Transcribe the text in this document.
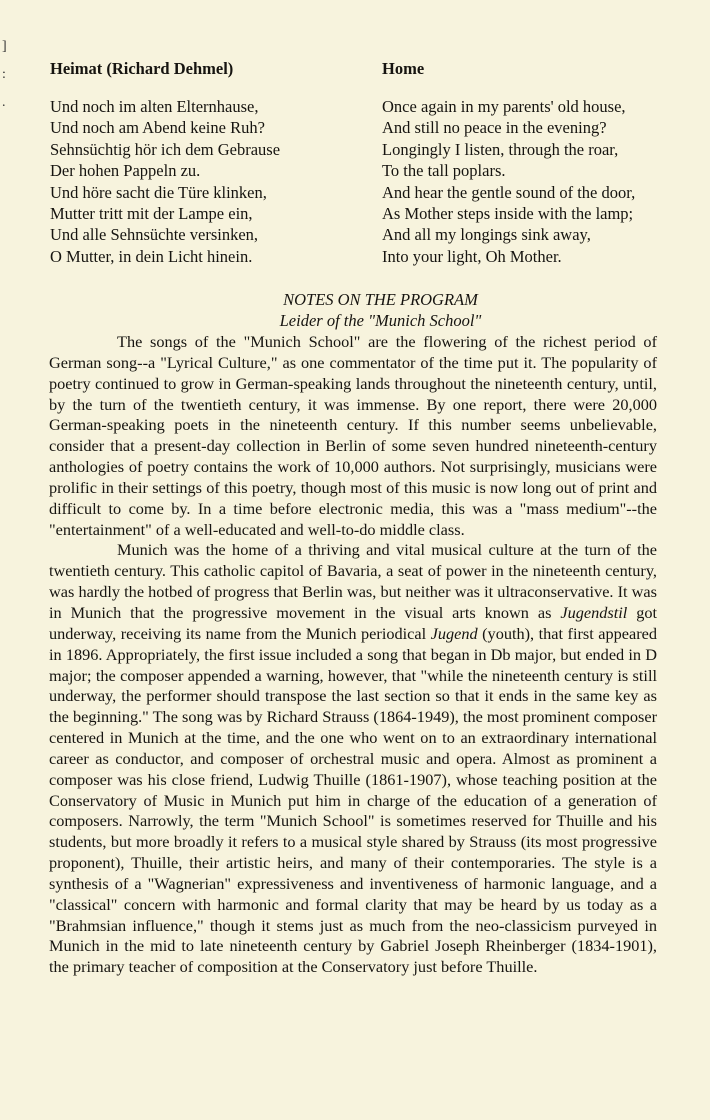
]

:

.
Heimat (Richard Dehmel)
Und noch im alten Elternhause,
Und noch am Abend keine Ruh?
Sehnsüchtig hör ich dem Gebrause
Der hohen Pappeln zu.
Und höre sacht die Türe klinken,
Mutter tritt mit der Lampe ein,
Und alle Sehnsüchte versinken,
O Mutter, in dein Licht hinein.
Home
Once again in my parents' old house,
And still no peace in the evening?
Longingly I listen, through the roar,
To the tall poplars.
And hear the gentle sound of the door,
As Mother steps inside with the lamp;
And all my longings sink away,
Into your light, Oh Mother.
NOTES ON THE PROGRAM
Leider of the "Munich School"

The songs of the "Munich School" are the flowering of the richest period of German song--a "Lyrical Culture," as one commentator of the time put it. The popularity of poetry continued to grow in German-speaking lands throughout the nineteenth century, until, by the turn of the twentieth century, it was immense. By one report, there were 20,000 German-speaking poets in the nineteenth century. If this number seems unbelievable, consider that a present-day collection in Berlin of some seven hundred nineteenth-century anthologies of poetry contains the work of 10,000 authors. Not surprisingly, musicians were prolific in their settings of this poetry, though most of this music is now long out of print and difficult to come by. In a time before electronic media, this was a "mass medium"--the "entertainment" of a well-educated and well-to-do middle class.

Munich was the home of a thriving and vital musical culture at the turn of the twentieth century. This catholic capitol of Bavaria, a seat of power in the nineteenth century, was hardly the hotbed of progress that Berlin was, but neither was it ultraconservative. It was in Munich that the progressive movement in the visual arts known as Jugendstil got underway, receiving its name from the Munich periodical Jugend (youth), that first appeared in 1896. Appropriately, the first issue included a song that began in Db major, but ended in D major; the composer appended a warning, however, that "while the nineteenth century is still underway, the performer should transpose the last section so that it ends in the same key as the beginning." The song was by Richard Strauss (1864-1949), the most prominent composer centered in Munich at the time, and the one who went on to an extraordinary international career as conductor, and composer of orchestral music and opera. Almost as prominent a composer was his close friend, Ludwig Thuille (1861-1907), whose teaching position at the Conservatory of Music in Munich put him in charge of the education of a generation of composers. Narrowly, the term "Munich School" is sometimes reserved for Thuille and his students, but more broadly it refers to a musical style shared by Strauss (its most progressive proponent), Thuille, their artistic heirs, and many of their contemporaries. The style is a synthesis of a "Wagnerian" expressiveness and inventiveness of harmonic language, and a "classical" concern with harmonic and formal clarity that may be heard by us today as a "Brahmsian influence," though it stems just as much from the neo-classicism purveyed in Munich in the mid to late nineteenth century by Gabriel Joseph Rheinberger (1834-1901), the primary teacher of composition at the Conservatory just before Thuille.
